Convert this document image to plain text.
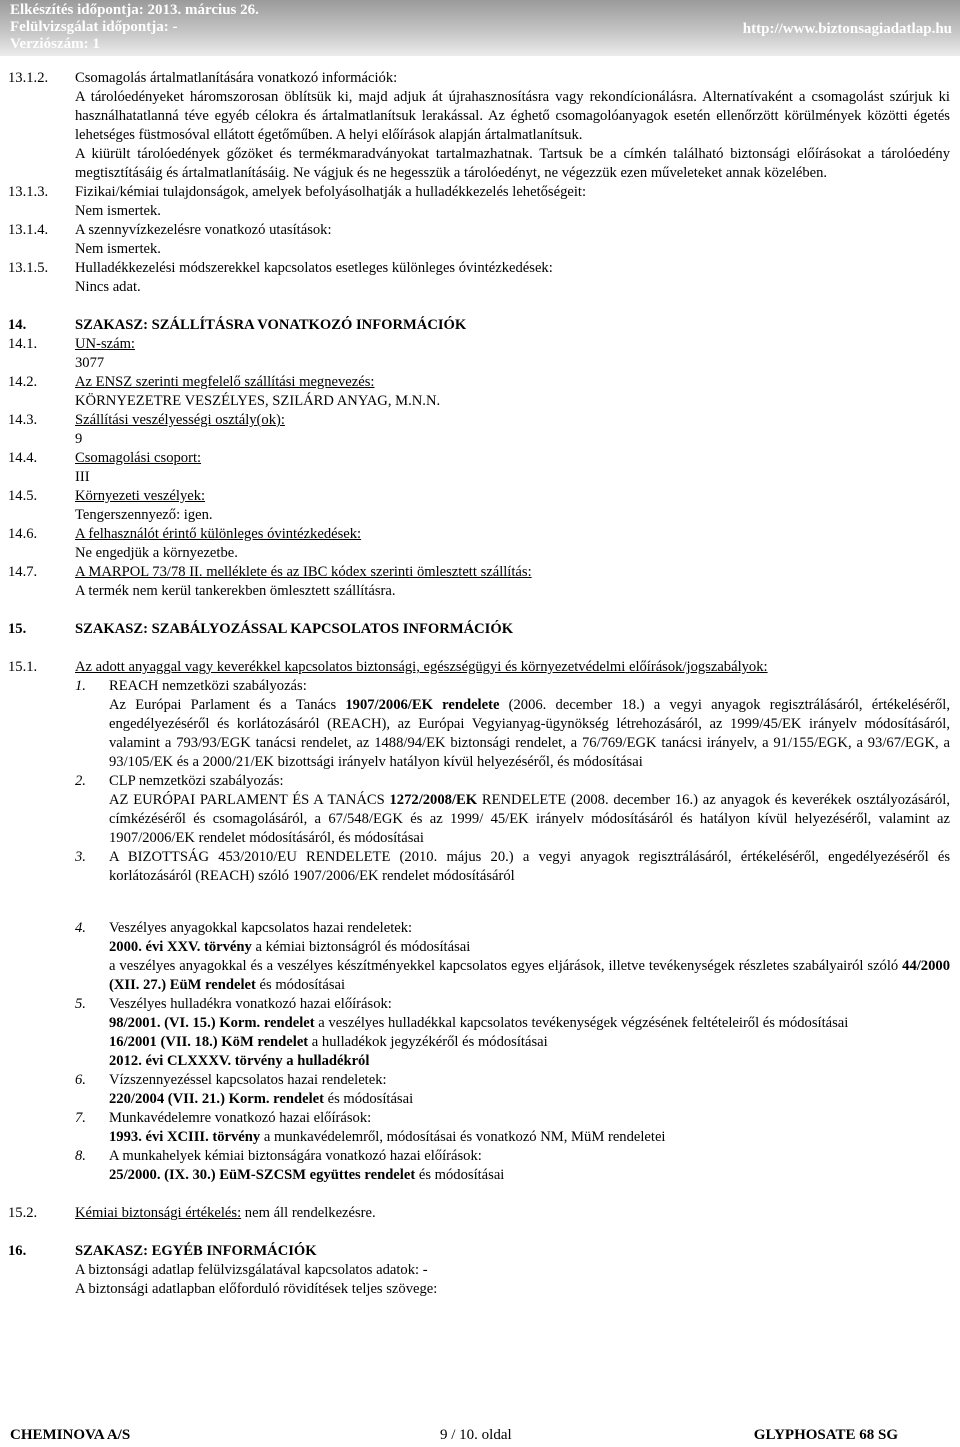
Elkészítés időpontja: 2013. március 26.
Felülvizsgálat időpontja: -
Verziószám: 1
http://www.biztonsagiadatlap.hu
13.1.2.	Csomagolás ártalmatlanítására vonatkozó információk:
A tárolóedényeket háromszorosan öblítsük ki, majd adjuk át újrahasznosításra vagy rekondícionálásra. Alternatívaként a csomagolást szúrjuk ki használhatatlanná téve egyéb célokra és ártalmatlanítsuk lerakással. Az éghető csomagolóanyagok esetén ellenőrzött körülmények közötti égetés lehetséges füstmosóval ellátott égetőműben. A helyi előírások alapján ártalmatlanítsuk.
A kiürült tárolóedények gőzöket és termékmaradványokat tartalmazhatnak. Tartsuk be a címkén található biztonsági előírásokat a tárolóedény megtisztításáig és ártalmatlanításáig. Ne vágjuk és ne hegesszük a tárolóedényt, ne végezzük ezen műveleteket annak közelében.
13.1.3.	Fizikai/kémiai tulajdonságok, amelyek befolyásolhatják a hulladékkezelés lehetőségeit:
Nem ismertek.
13.1.4.	A szennyvízkezelésre vonatkozó utasítások:
Nem ismertek.
13.1.5.	Hulladékkezelési módszerekkel kapcsolatos esetleges különleges óvintézkedések:
Nincs adat.
14.	SZAKASZ: SZÁLLÍTÁSRA VONATKOZÓ INFORMÁCIÓK
14.1.	UN-szám:
3077
14.2.	Az ENSZ szerinti megfelelő szállítási megnevezés:
KÖRNYEZETRE VESZÉLYES, SZILÁRD ANYAG, M.N.N.
14.3.	Szállítási veszélyességi osztály(ok):
9
14.4.	Csomagolási csoport:
III
14.5.	Környezeti veszélyek:
Tengerszennyező: igen.
14.6.	A felhasználót érintő különleges óvintézkedések:
Ne engedjük a környezetbe.
14.7.	A MARPOL 73/78 II. melléklete és az IBC kódex szerinti ömlesztett szállítás:
A termék nem kerül tankerekben ömlesztett szállításra.
15.	SZAKASZ: SZABÁLYOZÁSSAL KAPCSOLATOS INFORMÁCIÓK
15.1.	Az adott anyaggal vagy keverékkel kapcsolatos biztonsági, egészségügyi és környezetvédelmi előírások/jogszabályok:
1.	REACH nemzetközi szabályozás:
Az Európai Parlament és a Tanács 1907/2006/EK rendelete (2006. december 18.) a vegyi anyagok regisztrálásáról, értékeléséről, engedélyezéséről és korlátozásáról (REACH), az Európai Vegyianyag-ügynökség létrehozásáról, az 1999/45/EK irányelv módosításáról, valamint a 793/93/EGK tanácsi rendelet, az 1488/94/EK biztonsági rendelet, a 76/769/EGK tanácsi irányelv, a 91/155/EGK, a 93/67/EGK, a 93/105/EK és a 2000/21/EK bizottsági irányelv hatályon kívül helyezéséről, és módosításai
2.	CLP nemzetközi szabályozás:
AZ EURÓPAI PARLAMENT ÉS A TANÁCS 1272/2008/EK RENDELETE (2008. december 16.) az anyagok és keverékek osztályozásáról, címkézéséről és csomagolásáról, a 67/548/EGK és az 1999/ 45/EK irányelv módosításáról és hatályon kívül helyezéséről, valamint az 1907/2006/EK rendelet módosításáról, és módosításai
3.	A BIZOTTSÁG 453/2010/EU RENDELETE (2010. május 20.) a vegyi anyagok regisztrálásáról, értékeléséről, engedélyezéséről és korlátozásáról (REACH) szóló 1907/2006/EK rendelet módosításáról
4.	Veszélyes anyagokkal kapcsolatos hazai rendeletek:
2000. évi XXV. törvény a kémiai biztonságról és módosításai
a veszélyes anyagokkal és a veszélyes készítményekkel kapcsolatos egyes eljárások, illetve tevékenységek részletes szabályairól szóló 44/2000 (XII. 27.) EüM rendelet és módosításai
5.	Veszélyes hulladékra vonatkozó hazai előírások:
98/2001. (VI. 15.) Korm. rendelet a veszélyes hulladékkal kapcsolatos tevékenységek végzésének feltételeiről és módosításai
16/2001 (VII. 18.) KöM rendelet a hulladékok jegyzékéről és módosításai
2012. évi CLXXXV. törvény a hulladékról
6.	Vízszennyezéssel kapcsolatos hazai rendeletek:
220/2004 (VII. 21.) Korm. rendelet és módosításai
7.	Munkavédelemre vonatkozó hazai előírások:
1993. évi XCIII. törvény a munkavédelemről, módosításai és vonatkozó NM, MüM rendeletei
8.	A munkahelyek kémiai biztonságára vonatkozó hazai előírások:
25/2000. (IX. 30.) EüM-SZCSM együttes rendelet és módosításai
15.2.	Kémiai biztonsági értékelés: nem áll rendelkezésre.
16.	SZAKASZ: EGYÉB INFORMÁCIÓK
A biztonsági adatlap felülvizsgálatával kapcsolatos adatok: -
A biztonsági adatlapban előforduló rövidítések teljes szövege:
CHEMINOVA A/S	9 / 10. oldal	GLYPHOSATE 68 SG
